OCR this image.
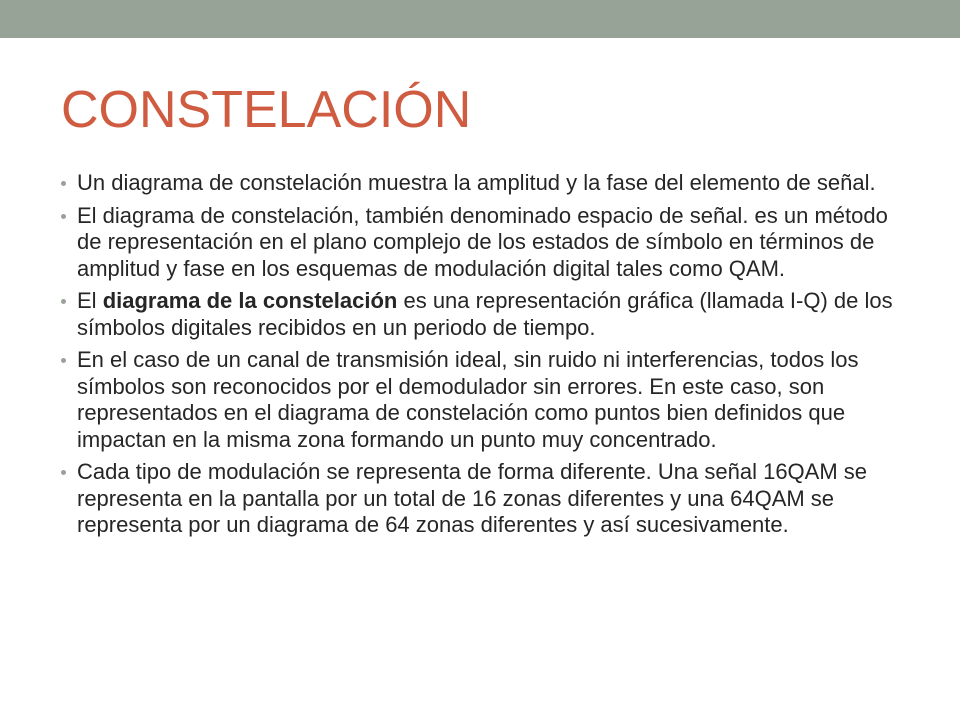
CONSTELACIÓN
Un diagrama de constelación muestra la amplitud y la fase del elemento de señal.
El diagrama de constelación, también denominado espacio de señal. es un método de representación en el plano complejo de los estados de símbolo en términos de amplitud y fase en los esquemas de modulación digital tales como QAM.
El diagrama de la constelación es una representación gráfica (llamada I-Q) de los símbolos digitales recibidos en un periodo de tiempo.
En el caso de un canal de transmisión ideal, sin ruido ni interferencias, todos los símbolos son reconocidos por el demodulador sin errores. En este caso, son representados en el diagrama de constelación como puntos bien definidos que impactan en la misma zona formando un punto muy concentrado.
Cada tipo de modulación se representa de forma diferente. Una señal 16QAM se representa en la pantalla por un total de 16 zonas diferentes y una 64QAM se representa por un diagrama de 64 zonas diferentes y así sucesivamente.
